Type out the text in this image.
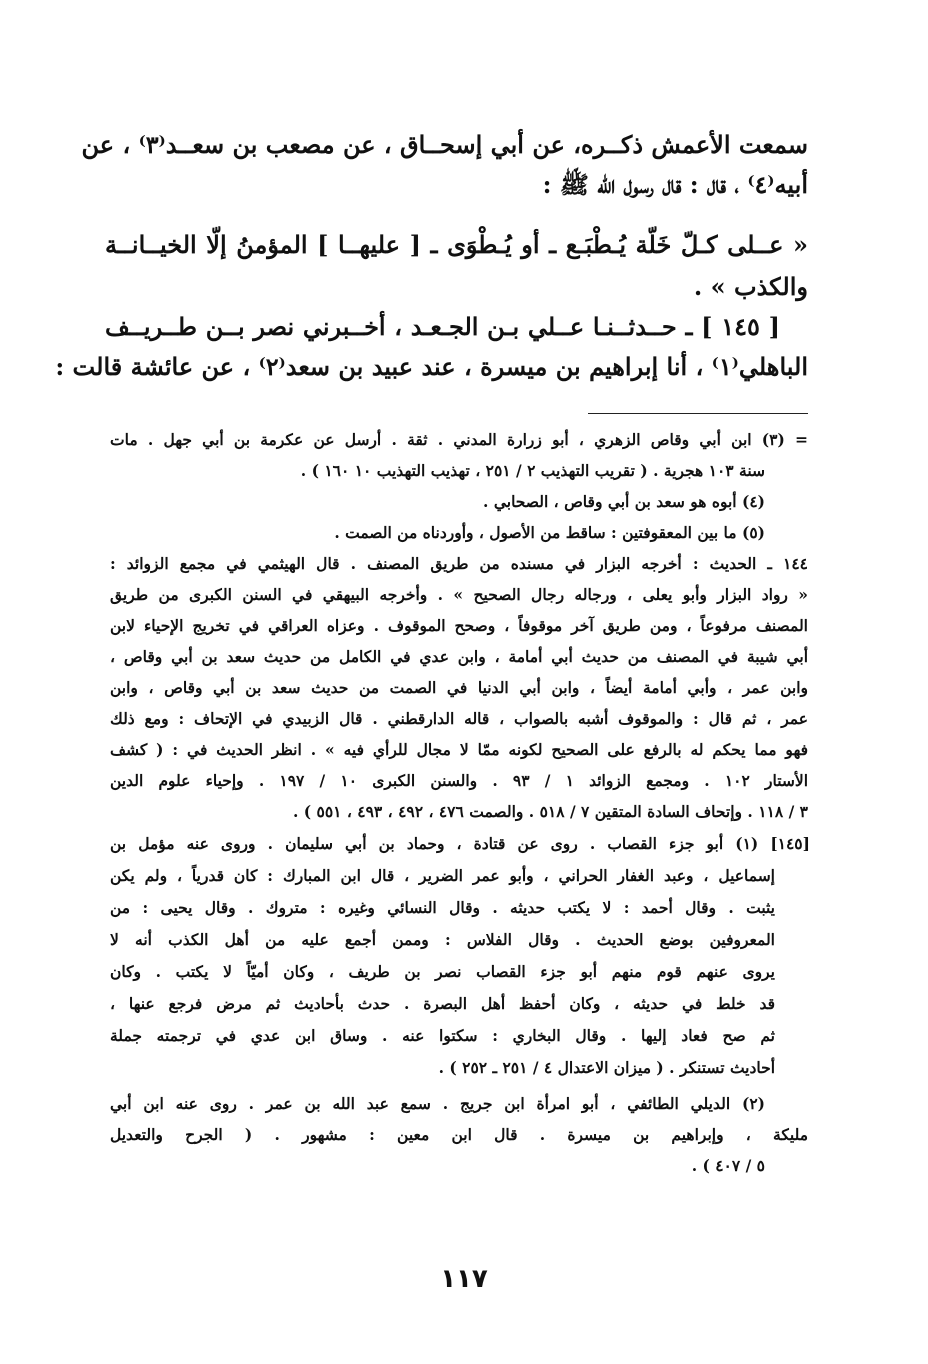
سمعت الأعمش ذكــره، عن أبي إسحــاق ، عن مصعب بن سعــد⁽٣⁾ ، عن
أبيه⁽٤⁾ ، قال : قال رسول الله ﷺ :
« عــلى كـلّ خَلّة يُـطْبَـع ـ أو يُـطْوَى ـ [ عليهــا ] المؤمنُ إلّا الخيــانــة
والكذب » .
[ ١٤٥ ] ـ حــدثــنـا عــلي بـن الجـعـد ، أخــبرني نصر بــن طــريــف
الباهلي⁽١⁾ ، أنا إبراهيم بن ميسرة ، عند عبيد بن سعد⁽٢⁾ ، عن عائشة قالت :
= (٣) ابن أبي وقاص الزهري ، أبو زرارة المدني . ثقة . أرسل عن عكرمة بن أبي جهل . مات
سنة ١٠٣ هجرية . ( تقريب التهذيب ٢ / ٢٥١ ، تهذيب التهذيب ١٠ ١٦٠ ) .
(٤) أبوه هو سعد بن أبي وقاص ، الصحابي .
(٥) ما بين المعقوفتين : ساقط من الأصول ، وأوردناه من الصمت .
١٤٤ ـ الحديث : أخرجه البزار في مسنده من طريق المصنف . قال الهيثمي في مجمع الزوائد :
« رواد البزار وأبو يعلى ، ورجاله رجال الصحيح » . وأخرجه البيهقي في السنن الكبرى من طريق
المصنف مرفوعاً ، ومن طريق آخر موقوفاً ، وصحح الموقوف . وعزاه العراقي في تخريج الإحياء لابن
أبي شيبة في المصنف من حديث أبي أمامة ، وابن عدي في الكامل من حديث سعد بن أبي وقاص ،
وابن عمر ، وأبي أمامة أيضاً ، وابن أبي الدنيا في الصمت من حديث سعد بن أبي وقاص ، وابن
عمر ، ثم قال : والموقوف أشبه بالصواب ، قاله الدارقطني . قال الزبيدي في الإتحاف : ومع ذلك
فهو مما يحكم له بالرفع على الصحيح لكونه ممّا لا مجال للرأي فيه » . انظر الحديث في : ( كشف
الأستار ١٠٢ . ومجمع الزوائد ١ / ٩٣ . والسنن الكبرى ١٠ / ١٩٧ . وإحياء علوم الدين
٣ / ١١٨ . وإتحاف السادة المتقين ٧ / ٥١٨ . والصمت ٤٧٦ ، ٤٩٢ ، ٤٩٣ ، ٥٥١ ) .
[١٤٥] (١) أبو جزء القصاب . روى عن قتادة ، وحماد بن أبي سليمان . وروى عنه مؤمل بن
إسماعيل ، وعبد الغفار الحراني ، وأبو عمر الضرير ، قال ابن المبارك : كان قدرياً ، ولم يكن
يثبت . وقال أحمد : لا يكتب حديثه . وقال النسائي وغيره : متروك . وقال يحيى : من
المعروفين بوضع الحديث . وقال الفلاس : وممن أجمع عليه من أهل الكذب أنه لا
يروى عنهم قوم منهم أبو جزء القصاب نصر بن طريف ، وكان أميّاً لا يكتب . وكان
قد خلط في حديثه ، وكان أحفظ أهل البصرة . حدث بأحاديث ثم مرض فرجع عنها ،
ثم صح فعاد إليها . وقال البخاري : سكتوا عنه . وساق ابن عدي في ترجمته جملة
أحاديث تستنكر . ( ميزان الاعتدال ٤ / ٢٥١ ـ ٢٥٢ ) .
(٢) الديلي الطائفي ، أبو امرأة ابن جريج . سمع عبد الله بن عمر . روى عنه ابن أبي
مليكة ، وإبراهيم بن ميسرة . قال ابن معين : مشهور . ( الجرح والتعديل
٥ / ٤٠٧ ) .
١١٧
